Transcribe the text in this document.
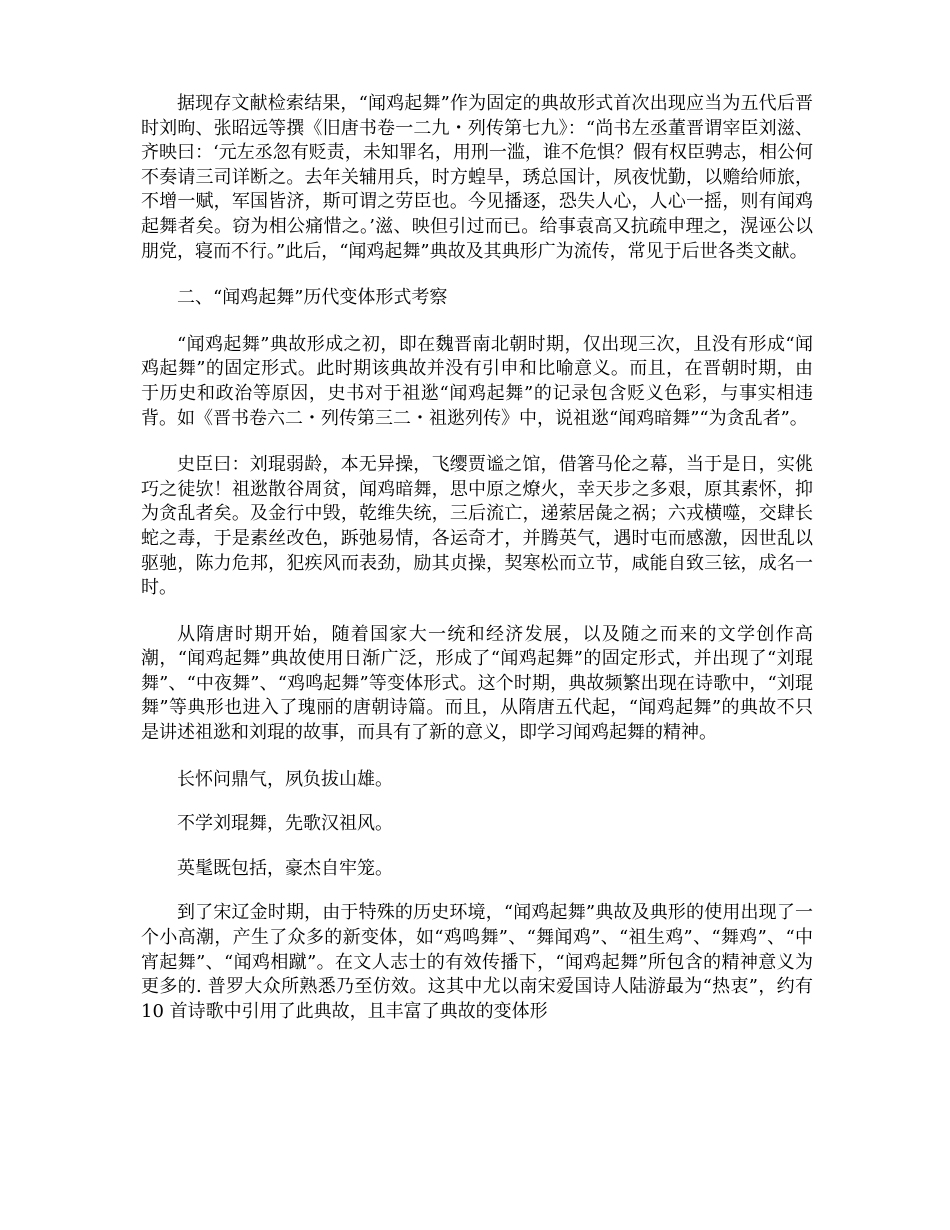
据现存文献检索结果，“闻鸡起舞”作为固定的典故形式首次出现应当为五代后晋时刘昫、张昭远等撰《旧唐书卷一二九・列传第七九》：“尚书左丞董晋谓宰臣刘滋、齐映曰：‘元左丞忽有贬责，未知罪名，用刑一滥，谁不危惧？假有权臣骋志，相公何不奏请三司详断之。去年关辅用兵，时方蝗旱，琇总国计，夙夜忧勤，以赡给师旅，不增一赋，军国皆济，斯可谓之劳臣也。今见播逐，恐失人心，人心一摇，则有闻鸡起舞者矣。窃为相公痛惜之。’滋、映但引过而已。给事袁高又抗疏申理之，滉诬公以朋党，寝而不行。”此后，“闻鸡起舞”典故及其典形广为流传，常见于后世各类文献。

二、“闻鸡起舞”历代变体形式考察

“闻鸡起舞”典故形成之初，即在魏晋南北朝时期，仅出现三次，且没有形成“闻鸡起舞”的固定形式。此时期该典故并没有引申和比喻意义。而且，在晋朝时期，由于历史和政治等原因，史书对于祖逖“闻鸡起舞”的记录包含贬义色彩，与事实相违背。如《晋书卷六二・列传第三二・祖逖列传》中，说祖逖“闻鸡暗舞”“为贪乱者”。

史臣曰：刘琨弱龄，本无异操，飞缨贾谧之馆，借箸马伦之幕，当于是日，实佻巧之徒欤！祖逖散谷周贫，闻鸡暗舞，思中原之燎火，幸天步之多艰，原其素怀，抑为贪乱者矣。及金行中毁，乾维失统，三后流亡，递萦居彘之祸；六戎横噬，交肆长蛇之毒，于是素丝改色，跅弛易情，各运奇才，并腾英气，遇时屯而感激，因世乱以驱驰，陈力危邦，犯疾风而表劲，励其贞操，契寒松而立节，咸能自致三铉，成名一时。

从隋唐时期开始，随着国家大一统和经济发展，以及随之而来的文学创作高潮，“闻鸡起舞”典故使用日渐广泛，形成了“闻鸡起舞”的固定形式，并出现了“刘琨舞”、“中夜舞”、“鸡鸣起舞”等变体形式。这个时期，典故频繁出现在诗歌中，“刘琨舞”等典形也进入了瑰丽的唐朝诗篇。而且，从隋唐五代起，“闻鸡起舞”的典故不只是讲述祖逖和刘琨的故事，而具有了新的意义，即学习闻鸡起舞的精神。

长怀问鼎气，夙负拔山雄。

不学刘琨舞，先歌汉祖风。

英髦既包括，豪杰自牢笼。

到了宋辽金时期，由于特殊的历史环境，“闻鸡起舞”典故及典形的使用出现了一个小高潮，产生了众多的新变体，如“鸡鸣舞”、“舞闻鸡”、“祖生鸡”、“舞鸡”、“中宵起舞”、“闻鸡相蹴”。在文人志士的有效传播下，“闻鸡起舞”所包含的精神意义为更多的. 普罗大众所熟悉乃至仿效。这其中尤以南宋爱国诗人陆游最为“热衷”，约有 10 首诗歌中引用了此典故，且丰富了典故的变体形
